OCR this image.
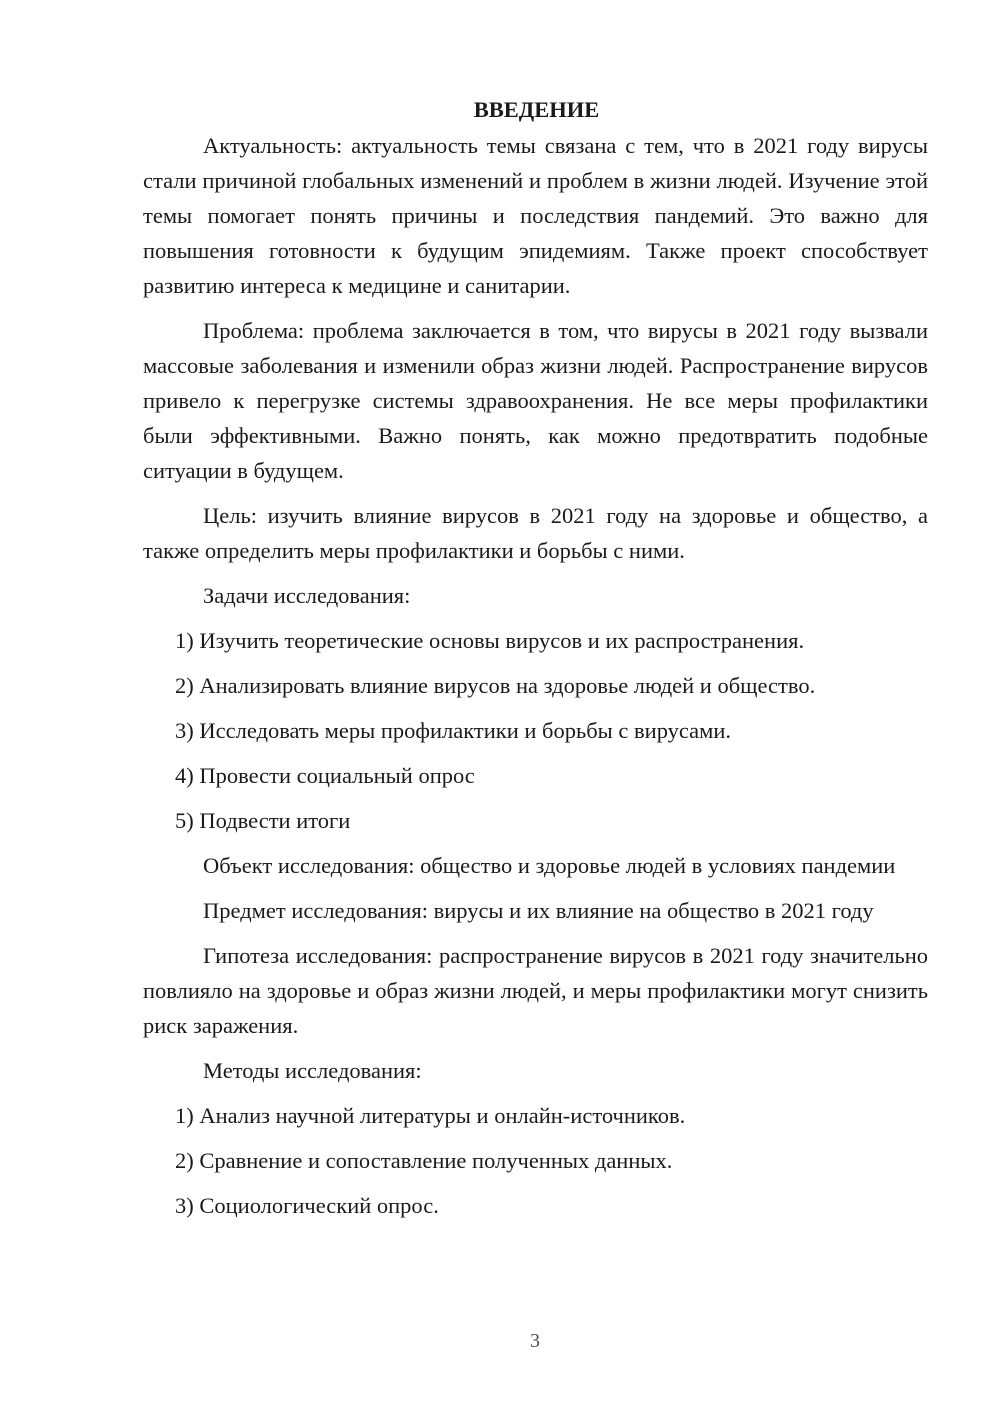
ВВЕДЕНИЕ

Актуальность: актуальность темы связана с тем, что в 2021 году вирусы стали причиной глобальных изменений и проблем в жизни людей. Изучение этой темы помогает понять причины и последствия пандемий. Это важно для повышения готовности к будущим эпидемиям. Также проект способствует развитию интереса к медицине и санитарии.

Проблема: проблема заключается в том, что вирусы в 2021 году вызвали массовые заболевания и изменили образ жизни людей. Распространение вирусов привело к перегрузке системы здравоохранения. Не все меры профилактики были эффективными. Важно понять, как можно предотвратить подобные ситуации в будущем.

Цель: изучить влияние вирусов в 2021 году на здоровье и общество, а также определить меры профилактики и борьбы с ними.

Задачи исследования:

1) Изучить теоретические основы вирусов и их распространения.

2) Анализировать влияние вирусов на здоровье людей и общество.

3) Исследовать меры профилактики и борьбы с вирусами.

4) Провести социальный опрос

5) Подвести итоги

Объект исследования: общество и здоровье людей в условиях пандемии

Предмет исследования: вирусы и их влияние на общество в 2021 году

Гипотеза исследования: распространение вирусов в 2021 году значительно повлияло на здоровье и образ жизни людей, и меры профилактики могут снизить риск заражения.

Методы исследования:

1) Анализ научной литературы и онлайн-источников.

2) Сравнение и сопоставление полученных данных.

3) Социологический опрос.

3
